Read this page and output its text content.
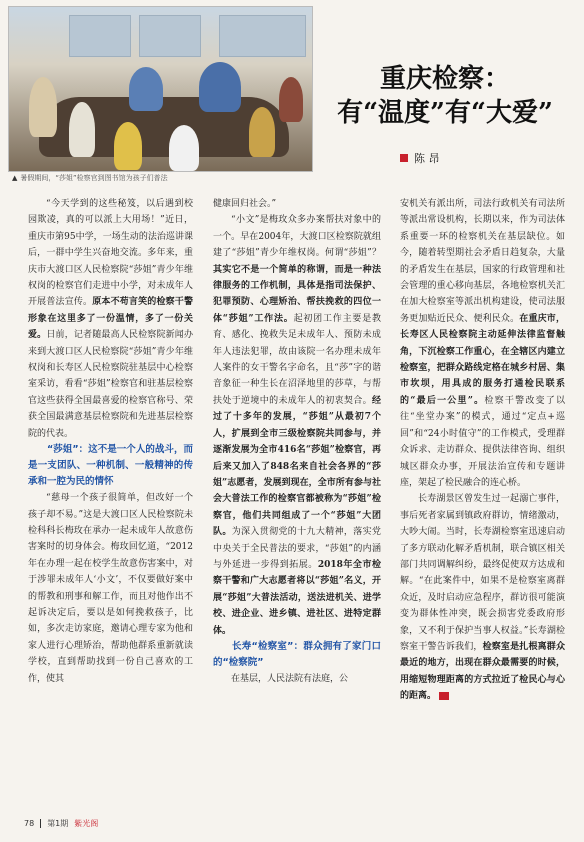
▲ 暑假期间，“莎姐”检察官到图书馆为孩子们普法
重庆检察：
有“温度”有“大爱”
陈 昂

“今天学到的这些秘笈，以后遇到校园欺凌，真的可以派上大用场！”近日，重庆市第95中学，一场生动的法治巡讲课后，一群中学生兴奋地交流。多年来，重庆市大渡口区人民检察院“莎姐”青少年维权岗的检察官们走进中小学，对未成年人开展普法宣传。原本不苟言笑的检察干警形象在这里多了一份温情，多了一份关爱。日前，记者随最高人民检察院新闻办来到大渡口区人民检察院“莎姐”青少年维权岗和长寿区人民检察院驻基层中心检察室采访，看看“莎姐”检察官和驻基层检察官这些获得全国最喜爱的检察官称号、荣获全国最满意基层检察院和先进基层检察院的代表。

“莎姐”：这不是一个人的战斗，而是一支团队、一种机制、一般精神的传承和一腔为民的情怀

“慈母一个孩子很简单，但改好一个孩子却不易。”这是大渡口区人民检察院未检科科长梅玫在承办一起未成年人故意伤害案时的切身体会。梅玫回忆道，“2012年在办理一起在校学生故意伤害案中，对于涉罪未成年人‘小文’，不仅要做好案中的帮教和刑事和解工作，而且对他作出不起诉决定后，要以是如何挽救孩子，比如，多次走访家庭，邀请心理专家为他和家人进行心理矫治，帮助他群系重新就读学校，直到帮助找到一份自己喜欢的工作，使其

健康回归社会。”

“小文”是梅玫众多办案帮扶对象中的一个。早在2004年，大渡口区检察院就组建了“莎姐”青少年维权岗。何谓“莎姐”？其实它不是一个简单的称谓，而是一种法律服务的工作机制，具体是指司法保护、犯罪预防、心理矫治、帮扶挽救的四位一体“莎姐”工作法。起初团工作主要是教育、感化、挽救失足未成年人、预防未成年人违法犯罪，故由该院一名办理未成年人案件的女干警名字命名，且“莎”字的谐音象征一种生长在沼泽地里的莎草，与帮扶处于逆境中的未成年人的初衷契合。经过了十多年的发展，“莎姐”从最初7个人，扩展到全市三级检察院共同参与，并逐渐发展为全市416名“莎姐”检察官，再后来又加入了848名来自社会各界的“莎姐”志愿者，发展到现在，全市所有参与社会大普法工作的检察官都被称为“莎姐”检察官，他们共同组成了一个“莎姐”大团队。为深入贯彻党的十九大精神，落实党中央关于全民普法的要求，“莎姐”的内涵与外延进一步得到拓展。2018年全市检察干警和广大志愿者将以“莎姐”名义，开展“莎姐”大普法活动，送法进机关、进学校、进企业、进乡镇、进社区、进特定群体。

长寿“检察室”：群众拥有了家门口的“检察院”

在基层，人民法院有法庭，公

安机关有派出所，司法行政机关有司法所等派出常设机构，长期以来，作为司法体系重要一环的检察机关在基层缺位。如今，随着转型期社会矛盾日趋复杂，大量的矛盾发生在基层，国家的行政管理和社会管理的重心移向基层，各地检察机关汇在加大检察室等派出机构建设，使司法服务更加贴近民众、便利民众。在重庆市，长寿区人民检察院主动延伸法律监督触角，下沉检察工作重心，在全辖区内建立检察室，把群众路线定格在城乡村居、集市坎坝，用具成的服务打通检民联系的“最后一公里”。检察干警改变了以往“坐堂办案”的模式，通过“定点+巡回”和“24小时值守”的工作模式，受理群众诉求、走访群众、提供法律咨询、组织城区群众办事，开展法治宣传和专题讲座，架起了检民融合的连心桥。

长寿湖景区曾发生过一起溺亡事件，事后死者家属到镇政府群访，情绪激动，大吵大闹。当时，长寿湖检察室迅速启动了多方联动化解矛盾机制，联合镇区相关部门共同调解纠纷，最终促使双方达成和解。“在此案件中，如果不是检察室离群众近，及时启动应急程序，群访很可能演变为群体性冲突，既会损害党委政府形象，又不利于保护当事人权益。”长寿湖检察室干警告诉我们，检察室是扎根离群众最近的地方，出现在群众最需要的时候，用缩短物理距离的方式拉近了检民心与心的距离。

78 第1期 紫光阁
